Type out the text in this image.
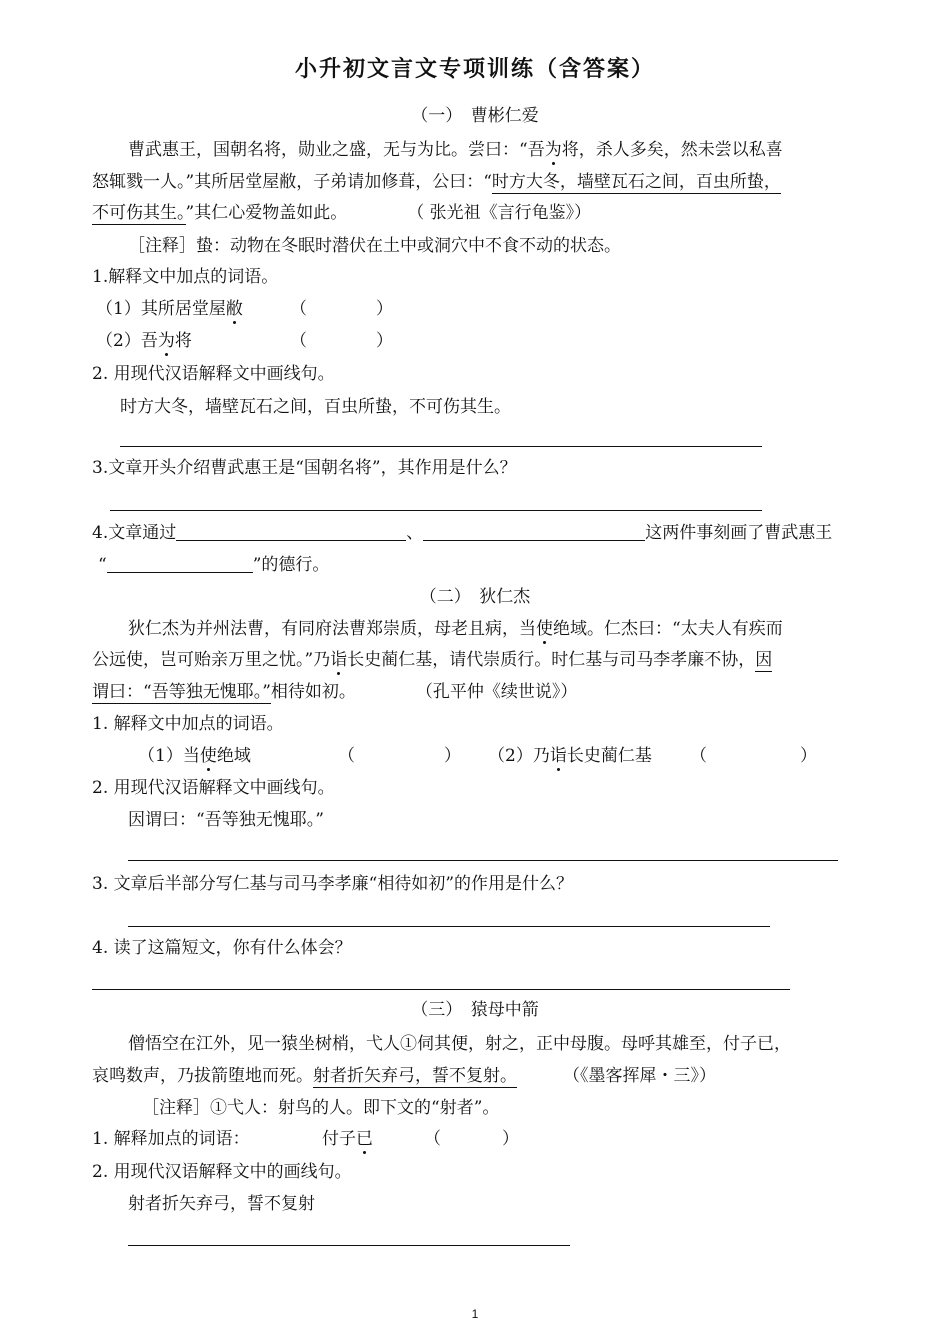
小升初文言文专项训练（含答案）
（一）　曹彬仁爱
曹武惠王，国朝名将，勋业之盛，无与为比。尝曰：“吾为将，杀人多矣，然未尝以私喜
怒辄戮一人。”其所居堂屋敝，子弟请加修葺，公曰：“时方大冬，墙壁瓦石之间，百虫所蛰，
不可伤其生。”其仁心爱物盖如此。	（ 张光祖《言行龟鉴》）
［注释］蛰：动物在冬眠时潜伏在土中或洞穴中不食不动的状态。
1.解释文中加点的词语。
（1）其所居堂屋敝	（	）
（2）吾为将	（	）
2. 用现代汉语解释文中画线句。
时方大冬，墙壁瓦石之间，百虫所蛰，不可伤其生。
3.文章开头介绍曹武惠王是“国朝名将”，其作用是什么？
4.文章通过	、	这两件事刻画了曹武惠王
“	”的德行。
（二）　狄仁杰
狄仁杰为并州法曹，有同府法曹郑崇质，母老且病，当使绝域。仁杰曰：“太夫人有疾而
公远使，岂可贻亲万里之忧。”乃诣长史蔺仁基，请代崇质行。时仁基与司马李孝廉不协，因
谓曰：“吾等独无愧耶。”相待如初。	（孔平仲《续世说》）
1. 解释文中加点的词语。
（1）当使绝域	（	） （2）乃诣长史蔺仁基 （	）
2. 用现代汉语解释文中画线句。
因谓曰：“吾等独无愧耶。”
3. 文章后半部分写仁基与司马李孝廉“相待如初”的作用是什么？
4. 读了这篇短文，你有什么体会？
（三）　猿母中箭
僧悟空在江外，见一猿坐树梢，弋人①伺其便，射之，正中母腹。母呼其雄至，付子已，
哀鸣数声，乃拔箭堕地而死。射者折矢弃弓，誓不复射。	（《墨客挥犀・三》）
［注释］①弋人：射鸟的人。即下文的“射者”。
1. 解释加点的词语：	付子已	（	）
2. 用现代汉语解释文中的画线句。
射者折矢弃弓，誓不复射
1
